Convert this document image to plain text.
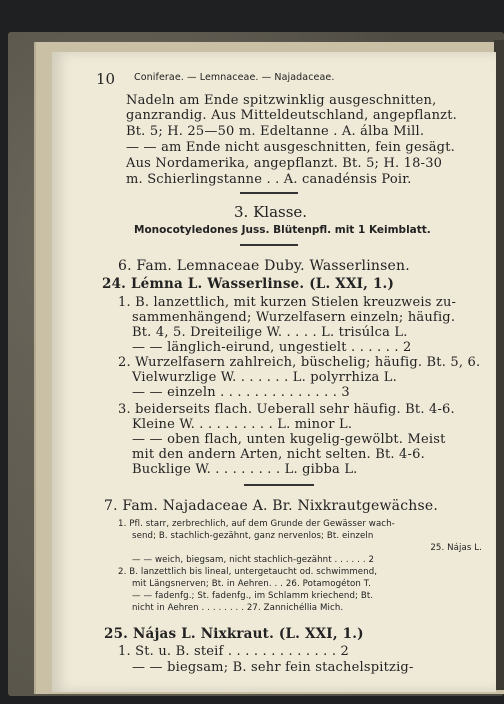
10 Coniferae. — Lemnaceae. — Najadaceae.
Nadeln am Ende spitzwinklig ausgeschnitten,
ganzrandig. Aus Mitteldeutschland, angepflanzt.
Bt. 5; H. 25—50 m. Edeltanne . A. álba Mill.
— — am Ende nicht ausgeschnitten, fein gesägt.
Aus Nordamerika, angepflanzt. Bt. 5; H. 18-30
m. Schierlingstanne . . A. canadénsis Poir.
3. Klasse.
Monocotyledones Juss. Blütenpfl. mit 1 Keimblatt.
6. Fam. Lemnaceae Duby. Wasserlinsen.
24. Lémna L. Wasserlinse. (L. XXI, 1.)
1. B. lanzettlich, mit kurzen Stielen kreuzweis zu-
sammenhängend; Wurzelfasern einzeln; häufig.
Bt. 4, 5. Dreiteilige W. . . . . L. trisúlca L.
— — länglich-eirund, ungestielt . . . . . . 2
2. Wurzelfasern zahlreich, büschelig; häufig. Bt. 5, 6.
Vielwurzlige W. . . . . . . L. polyrrhiza L.
— — einzeln . . . . . . . . . . . . . . 3
3. beiderseits flach. Ueberall sehr häufig. Bt. 4-6.
Kleine W. . . . . . . . . . L. minor L.
— — oben flach, unten kugelig-gewölbt. Meist
mit den andern Arten, nicht selten. Bt. 4-6.
Bucklige W. . . . . . . . . L. gibba L.
7. Fam. Najadaceae A. Br. Nixkrautgewächse.
1. Pfl. starr, zerbrechlich, auf dem Grunde der Gewässer wach-
send; B. stachlich-gezähnt, ganz nervenlos; Bt. einzeln
25. Nájas L.
— — weich, biegsam, nicht stachlich-gezähnt . . . . . . 2
2. B. lanzettlich bis lineal, untergetaucht od. schwimmend,
mit Längsnerven; Bt. in Aehren. . . 26. Potamogéton T.
— — fadenfg.; St. fadenfg., im Schlamm kriechend; Bt.
nicht in Aehren . . . . . . . . 27. Zannichéllia Mich.
25. Nájas L. Nixkraut. (L. XXI, 1.)
1. St. u. B. steif . . . . . . . . . . . . . 2
— — biegsam; B. sehr fein stachelspitzig-
